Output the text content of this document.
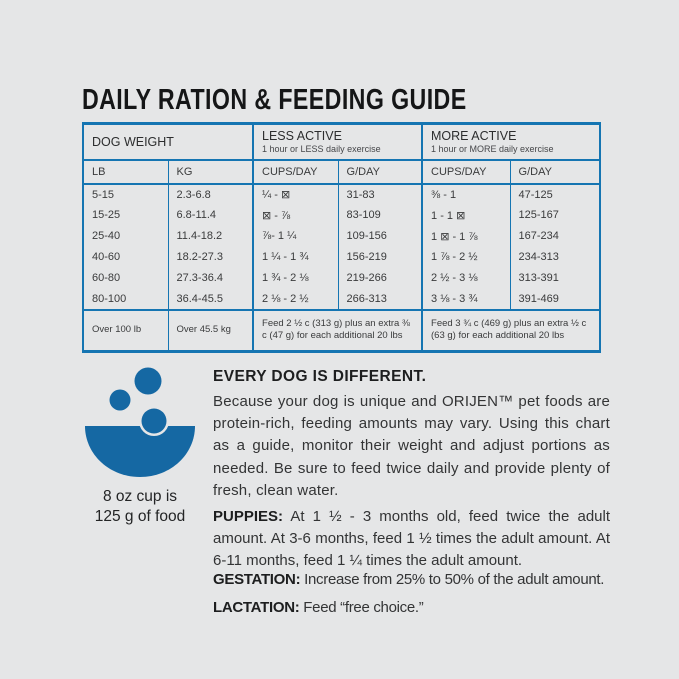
DAILY RATION & FEEDING GUIDE
DOG WEIGHT	LESS ACTIVE
1 hour or LESS daily exercise

MORE ACTIVE
1 hour or MORE daily exercise

LB	KG	CUPS/DAY	G/DAY	CUPS/DAY	G/DAY
5-15	2.3-6.8	¼ - ⊠	31-83	⅜ - 1	47-125
15-25	6.8-11.4	⊠ - ⅞	83-109	1 - 1 ⊠	125-167
25-40	11.4-18.2	⅞- 1 ¼	109-156	1 ⊠ - 1 ⅞	167-234
40-60	18.2-27.3	1 ¼ - 1 ¾	156-219	1 ⅞ - 2 ½	234-313
60-80	27.3-36.4	1 ¾ - 2 ⅛	219-266	2 ½ - 3 ⅛	313-391
80-100	36.4-45.5	2 ⅛ - 2 ½	266-313	3 ⅛ - 3 ¾	391-469
Over 100 lb	Over 45.5 kg	Feed 2 ½ c (313 g) plus an extra ⅜ c (47 g) for each additional 20 lbs		Feed 3 ¾ c (469 g) plus an extra ½ c (63 g) for each additional 20 lbs	
8 oz cup is
125 g of food
EVERY DOG IS DIFFERENT.
Because your dog is unique and ORIJEN™ pet foods are protein-rich, feeding amounts may vary. Using this chart as a guide, monitor their weight and adjust portions as needed. Be sure to feed twice daily and provide plenty of fresh, clean water.
PUPPIES: At 1 ½ - 3 months old, feed twice the adult amount. At 3-6 months, feed 1 ½ times the adult amount. At 6-11 months, feed 1 ¼ times the adult amount.
GESTATION: Increase from 25% to 50% of the adult amount.
LACTATION: Feed “free choice.”
